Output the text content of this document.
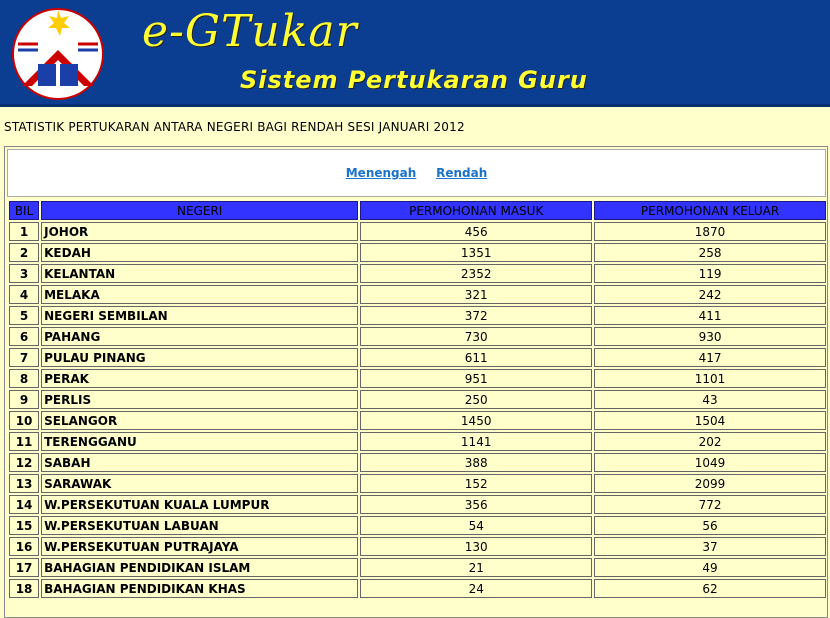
e-GTukar
Sistem Pertukaran Guru
STATISTIK PERTUKARAN ANTARA NEGERI BAGI RENDAH SESI JANUARI 2012
Menengah Rendah
BIL	NEGERI	PERMOHONAN MASUK	PERMOHONAN KELUAR
1	JOHOR	456	1870
2	KEDAH	1351	258
3	KELANTAN	2352	119
4	MELAKA	321	242
5	NEGERI SEMBILAN	372	411
6	PAHANG	730	930
7	PULAU PINANG	611	417
8	PERAK	951	1101
9	PERLIS	250	43
10	SELANGOR	1450	1504
11	TERENGGANU	1141	202
12	SABAH	388	1049
13	SARAWAK	152	2099
14	W.PERSEKUTUAN KUALA LUMPUR	356	772
15	W.PERSEKUTUAN LABUAN	54	56
16	W.PERSEKUTUAN PUTRAJAYA	130	37
17	BAHAGIAN PENDIDIKAN ISLAM	21	49
18	BAHAGIAN PENDIDIKAN KHAS	24	62
